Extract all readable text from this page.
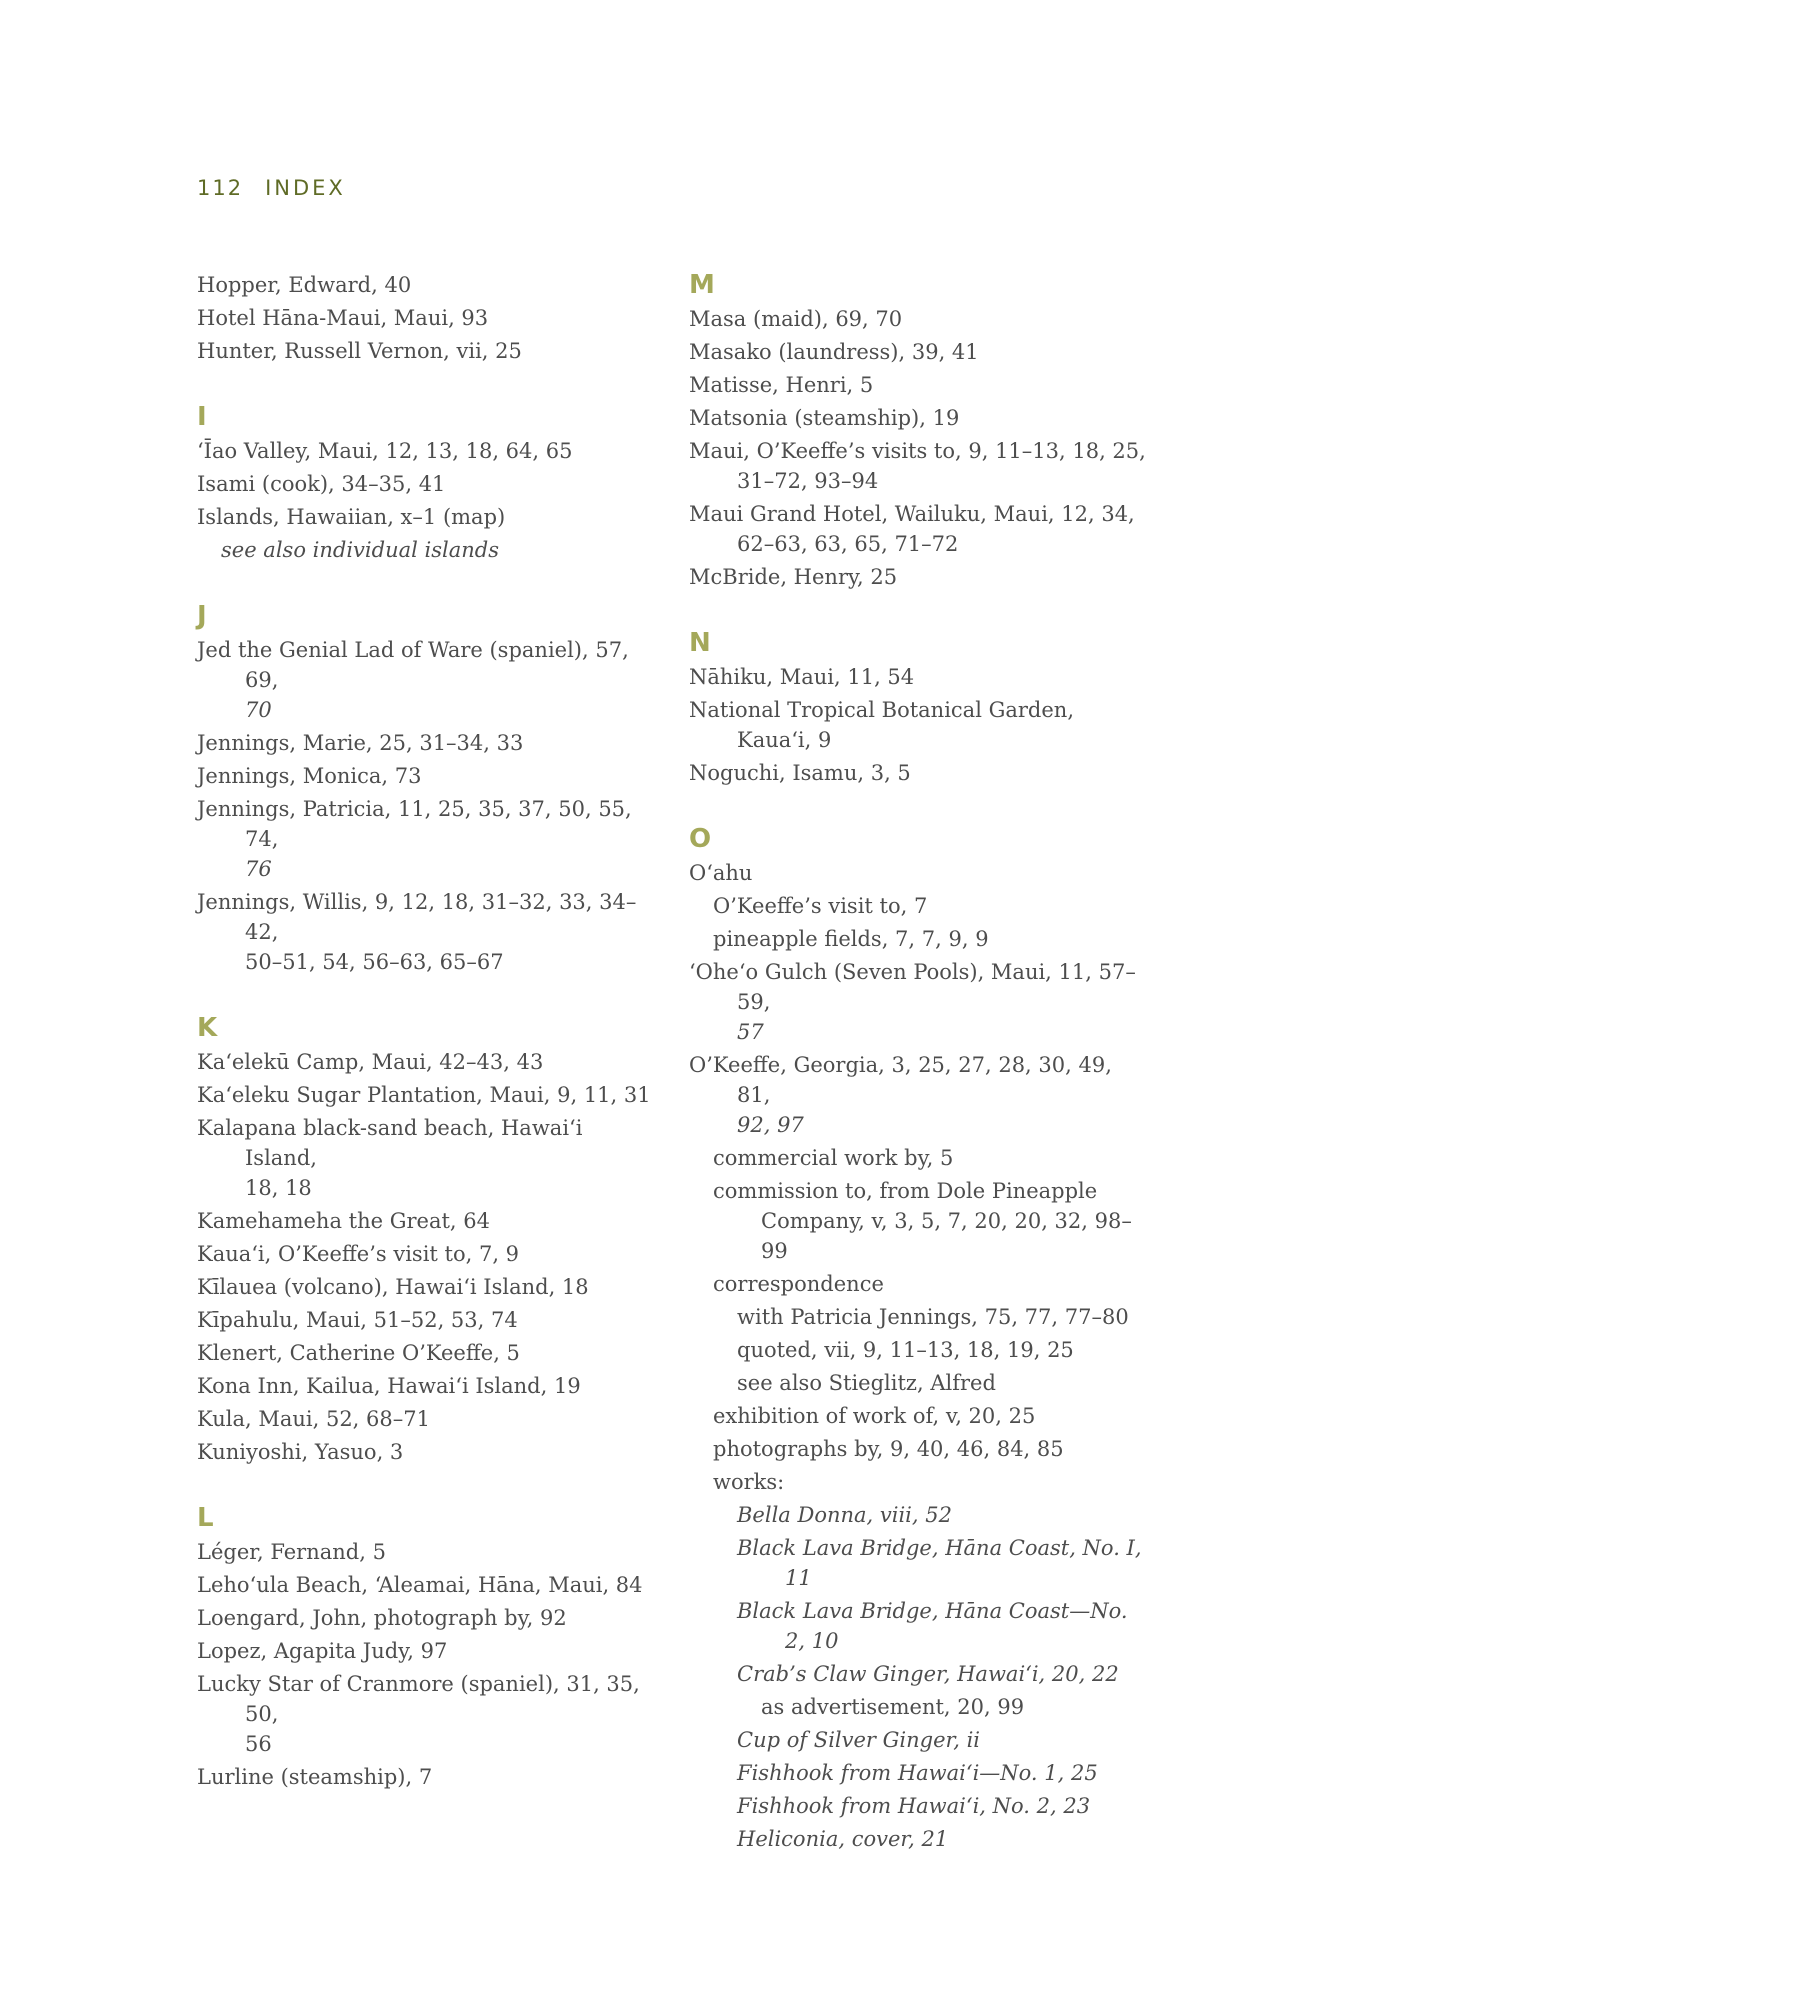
112 INDEX
Hopper, Edward, 40
Hotel Hāna-Maui, Maui, 93
Hunter, Russell Vernon, vii, 25
I
ʻĪao Valley, Maui, 12, 13, 18, 64, 65
Isami (cook), 34–35, 41
Islands, Hawaiian, x–1 (map)
see also individual islands
J
Jed the Genial Lad of Ware (spaniel), 57, 69,
70
Jennings, Marie, 25, 31–34, 33
Jennings, Monica, 73
Jennings, Patricia, 11, 25, 35, 37, 50, 55, 74,
76
Jennings, Willis, 9, 12, 18, 31–32, 33, 34–42,
50–51, 54, 56–63, 65–67
K
Kaʻelekū Camp, Maui, 42–43, 43
Kaʻeleku Sugar Plantation, Maui, 9, 11, 31
Kalapana black-sand beach, Hawaiʻi Island,
18, 18
Kamehameha the Great, 64
Kauaʻi, O’Keeffe’s visit to, 7, 9
Kīlauea (volcano), Hawaiʻi Island, 18
Kīpahulu, Maui, 51–52, 53, 74
Klenert, Catherine O’Keeffe, 5
Kona Inn, Kailua, Hawaiʻi Island, 19
Kula, Maui, 52, 68–71
Kuniyoshi, Yasuo, 3
L
Léger, Fernand, 5
Lehoʻula Beach, ʻAleamai, Hāna, Maui, 84
Loengard, John, photograph by, 92
Lopez, Agapita Judy, 97
Lucky Star of Cranmore (spaniel), 31, 35, 50,
56
Lurline (steamship), 7
M
Masa (maid), 69, 70
Masako (laundress), 39, 41
Matisse, Henri, 5
Matsonia (steamship), 19
Maui, O’Keeffe’s visits to, 9, 11–13, 18, 25,
31–72, 93–94
Maui Grand Hotel, Wailuku, Maui, 12, 34,
62–63, 63, 65, 71–72
McBride, Henry, 25
N
Nāhiku, Maui, 11, 54
National Tropical Botanical Garden, Kauaʻi, 9
Noguchi, Isamu, 3, 5
O
Oʻahu
O’Keeffe’s visit to, 7
pineapple fields, 7, 7, 9, 9
ʻOheʻo Gulch (Seven Pools), Maui, 11, 57–59,
57
O’Keeffe, Georgia, 3, 25, 27, 28, 30, 49, 81,
92, 97
commercial work by, 5
commission to, from Dole Pineapple
Company, v, 3, 5, 7, 20, 20, 32, 98–99
correspondence
with Patricia Jennings, 75, 77, 77–80
quoted, vii, 9, 11–13, 18, 19, 25
see also Stieglitz, Alfred
exhibition of work of, v, 20, 25
photographs by, 9, 40, 46, 84, 85
works:
Bella Donna, viii, 52
Black Lava Bridge, Hāna Coast, No. I, 11
Black Lava Bridge, Hāna Coast—No. 2, 10
Crab’s Claw Ginger, Hawaiʻi, 20, 22
as advertisement, 20, 99
Cup of Silver Ginger, ii
Fishhook from Hawaiʻi—No. 1, 25
Fishhook from Hawaiʻi, No. 2, 23
Heliconia, cover, 21
